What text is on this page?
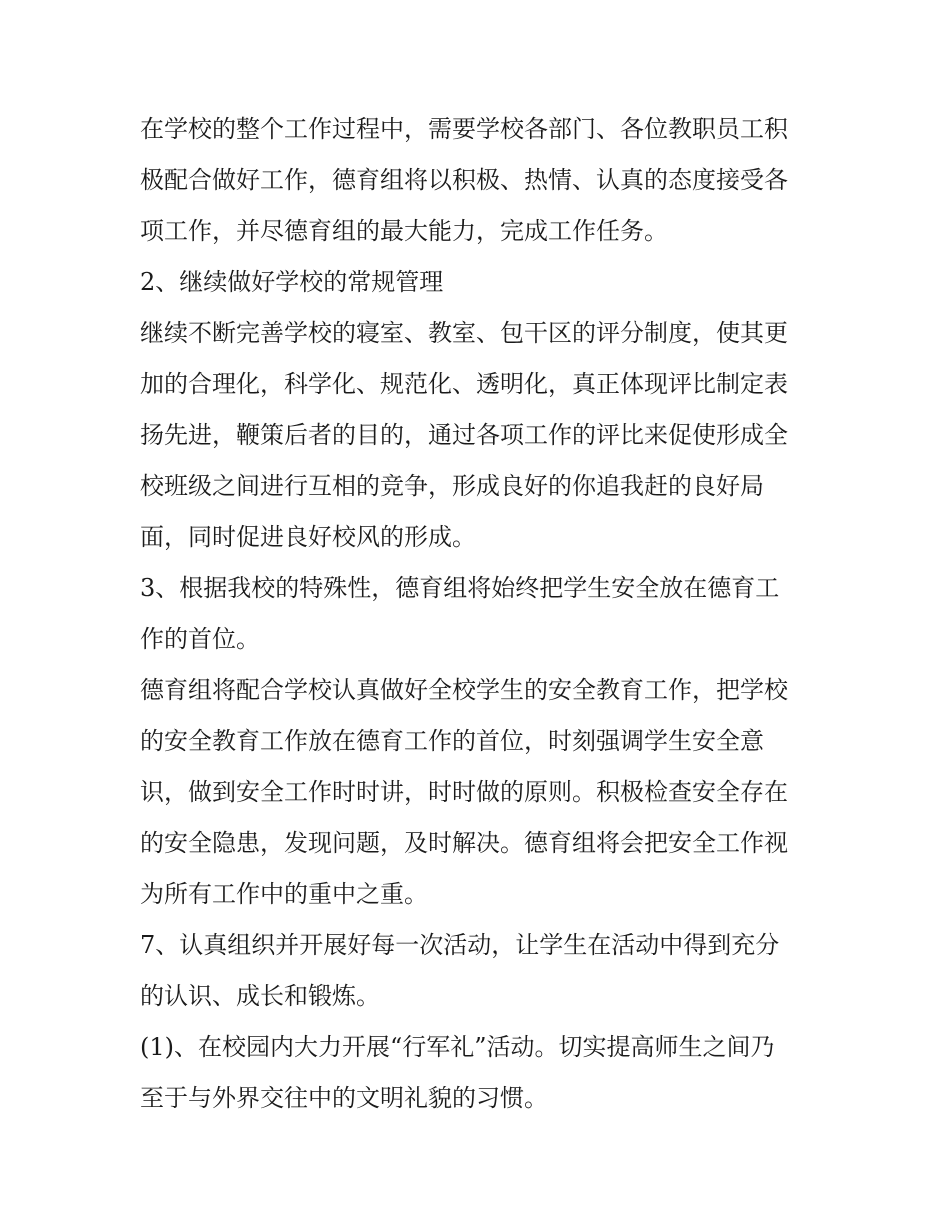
在学校的整个工作过程中，需要学校各部门、各位教职员工积
极配合做好工作，德育组将以积极、热情、认真的态度接受各
项工作，并尽德育组的最大能力，完成工作任务。
2、继续做好学校的常规管理
继续不断完善学校的寝室、教室、包干区的评分制度，使其更
加的合理化，科学化、规范化、透明化，真正体现评比制定表
扬先进，鞭策后者的目的，通过各项工作的评比来促使形成全
校班级之间进行互相的竞争，形成良好的你追我赶的良好局
面，同时促进良好校风的形成。
3、根据我校的特殊性，德育组将始终把学生安全放在德育工
作的首位。
德育组将配合学校认真做好全校学生的安全教育工作，把学校
的安全教育工作放在德育工作的首位，时刻强调学生安全意
识，做到安全工作时时讲，时时做的原则。积极检查安全存在
的安全隐患，发现问题，及时解决。德育组将会把安全工作视
为所有工作中的重中之重。
7、认真组织并开展好每一次活动，让学生在活动中得到充分
的认识、成长和锻炼。
(1)、在校园内大力开展“行军礼”活动。切实提高师生之间乃
至于与外界交往中的文明礼貌的习惯。
